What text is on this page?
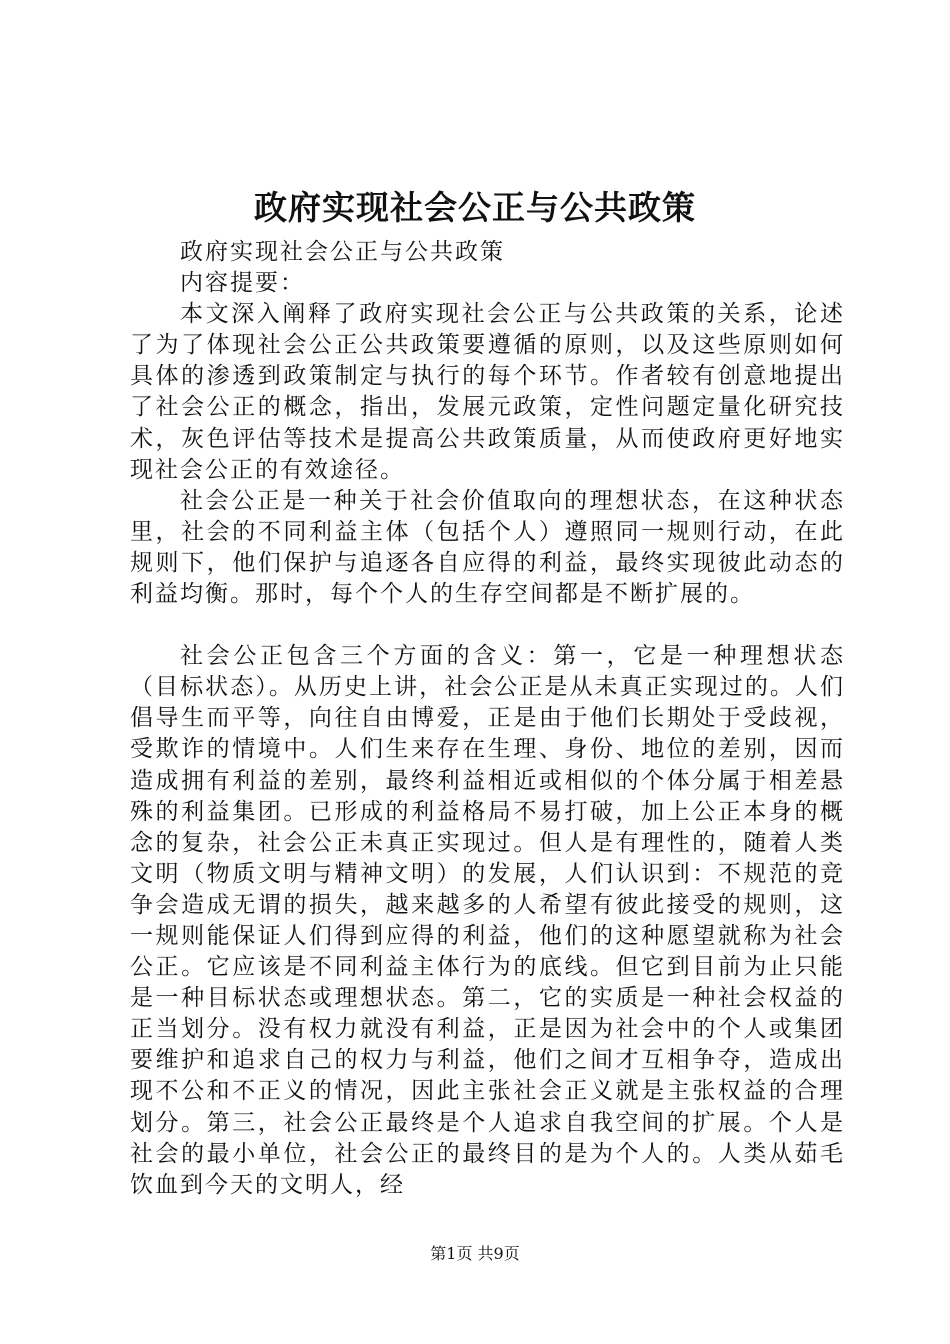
政府实现社会公正与公共政策

政府实现社会公正与公共政策

内容提要：

本文深入阐释了政府实现社会公正与公共政策的关系，论述了为了体现社会公正公共政策要遵循的原则，以及这些原则如何具体的渗透到政策制定与执行的每个环节。作者较有创意地提出了社会公正的概念，指出，发展元政策，定性问题定量化研究技术，灰色评估等技术是提高公共政策质量，从而使政府更好地实现社会公正的有效途径。

社会公正是一种关于社会价值取向的理想状态，在这种状态里，社会的不同利益主体（包括个人）遵照同一规则行动，在此规则下，他们保护与追逐各自应得的利益，最终实现彼此动态的利益均衡。那时，每个个人的生存空间都是不断扩展的。

社会公正包含三个方面的含义：第一，它是一种理想状态（目标状态）。从历史上讲，社会公正是从未真正实现过的。人们倡导生而平等，向往自由博爱，正是由于他们长期处于受歧视，受欺诈的情境中。人们生来存在生理、身份、地位的差别，因而造成拥有利益的差别，最终利益相近或相似的个体分属于相差悬殊的利益集团。已形成的利益格局不易打破，加上公正本身的概念的复杂，社会公正未真正实现过。但人是有理性的，随着人类文明（物质文明与精神文明）的发展，人们认识到：不规范的竞争会造成无谓的损失，越来越多的人希望有彼此接受的规则，这一规则能保证人们得到应得的利益，他们的这种愿望就称为社会公正。它应该是不同利益主体行为的底线。但它到目前为止只能是一种目标状态或理想状态。第二，它的实质是一种社会权益的正当划分。没有权力就没有利益，正是因为社会中的个人或集团要维护和追求自己的权力与利益，他们之间才互相争夺，造成出现不公和不正义的情况，因此主张社会正义就是主张权益的合理划分。第三，社会公正最终是个人追求自我空间的扩展。个人是社会的最小单位，社会公正的最终目的是为个人的。人类从茹毛饮血到今天的文明人，经

第1页 共9页
